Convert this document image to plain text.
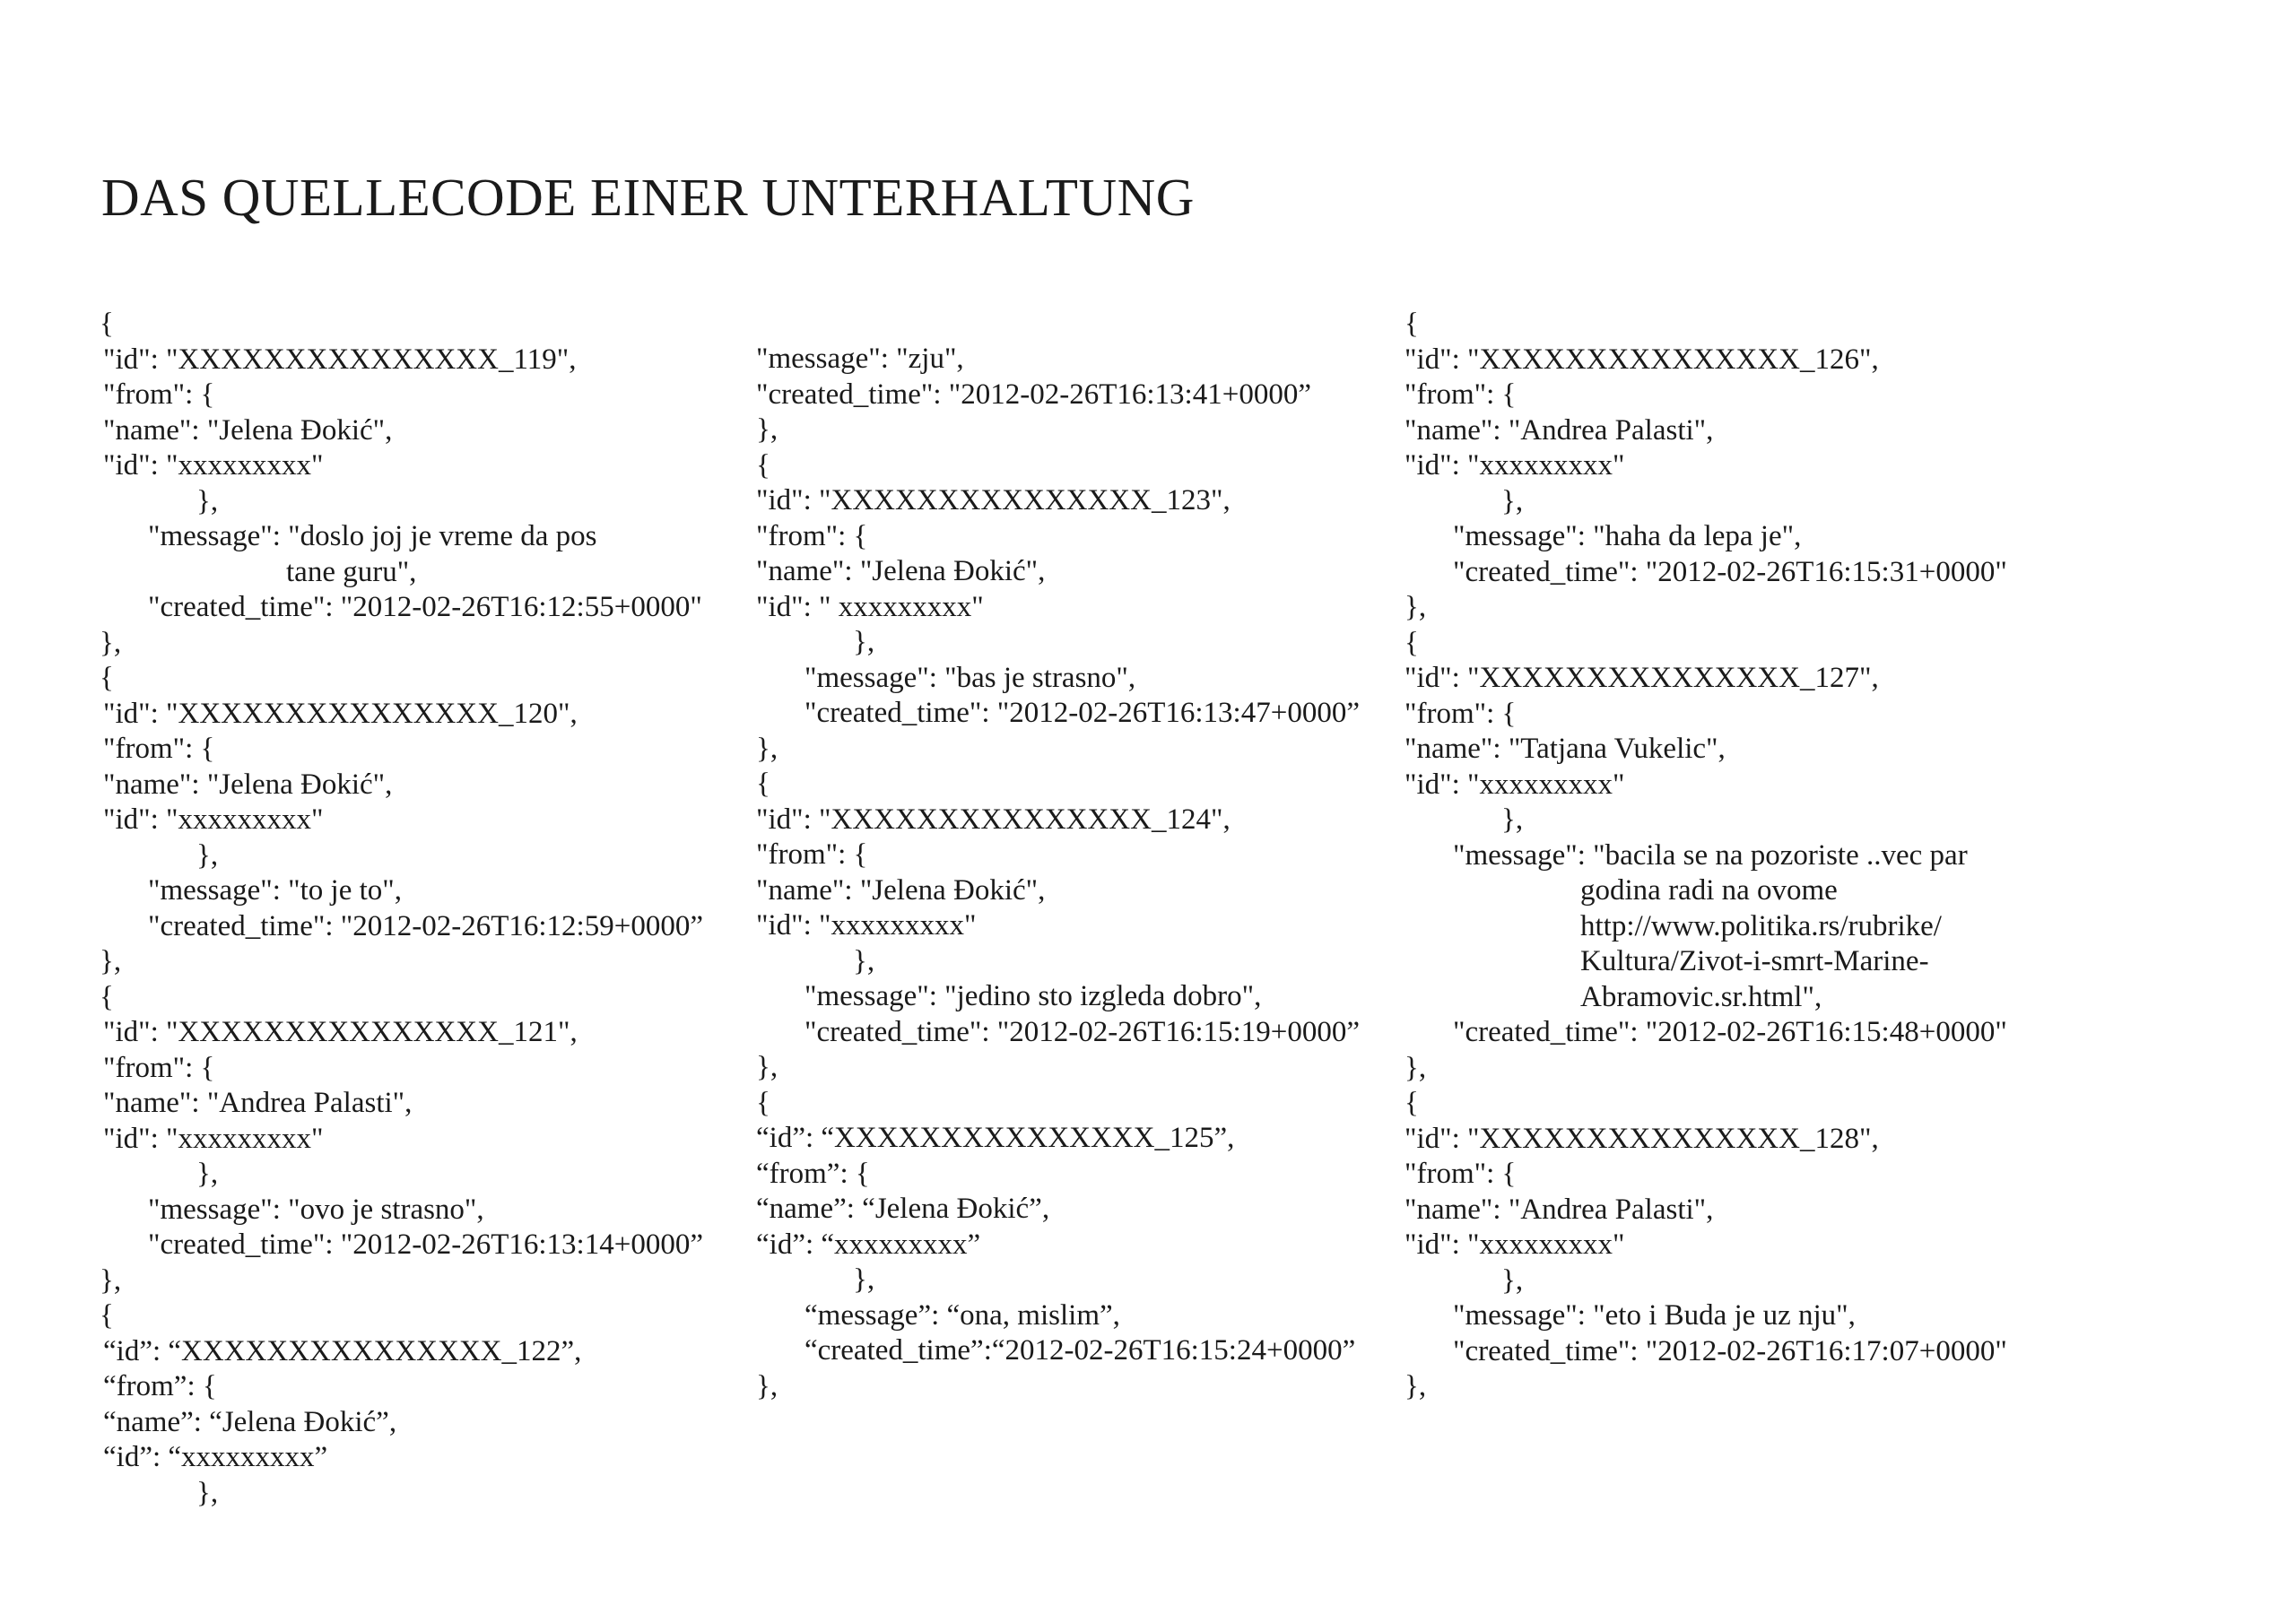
DAS QUELLECODE EINER UNTERHALTUNG
{
"id": "XXXXXXXXXXXXXXX_119",
"from": {
"name": "Jelena Đokić",
"id": "xxxxxxxxx"
},
"message": "doslo joj je vreme da pos
tane guru",
"created_time": "2012-02-26T16:12:55+0000"
},
{
"id": "XXXXXXXXXXXXXXX_120",
"from": {
"name": "Jelena Đokić",
"id": "xxxxxxxxx"
},
"message": "to je to",
"created_time": "2012-02-26T16:12:59+0000”
},
{
"id": "XXXXXXXXXXXXXXX_121",
"from": {
"name": "Andrea Palasti",
"id": "xxxxxxxxx"
},
"message": "ovo je strasno",
"created_time": "2012-02-26T16:13:14+0000”
},
{
“id”: “XXXXXXXXXXXXXXX_122”,
“from”: {
“name”: “Jelena Đokić”,
“id”: “xxxxxxxxx”
},
"message": "zju",
"created_time": "2012-02-26T16:13:41+0000”
},
{
"id": "XXXXXXXXXXXXXXX_123",
"from": {
"name": "Jelena Đokić",
"id": " xxxxxxxxx"
},
"message": "bas je strasno",
"created_time": "2012-02-26T16:13:47+0000”
},
{
"id": "XXXXXXXXXXXXXXX_124",
"from": {
"name": "Jelena Đokić",
"id": "xxxxxxxxx"
},
"message": "jedino sto izgleda dobro",
"created_time": "2012-02-26T16:15:19+0000”
},
{
“id”: “XXXXXXXXXXXXXXX_125”,
“from”: {
“name”: “Jelena Đokić”,
“id”: “xxxxxxxxx”
},
“message”: “ona, mislim”,
“created_time”:“2012-02-26T16:15:24+0000”
},
{
"id": "XXXXXXXXXXXXXXX_126",
"from": {
"name": "Andrea Palasti",
"id": "xxxxxxxxx"
},
"message": "haha da lepa je",
"created_time": "2012-02-26T16:15:31+0000"
},
{
"id": "XXXXXXXXXXXXXXX_127",
"from": {
"name": "Tatjana Vukelic",
"id": "xxxxxxxxx"
},
"message": "bacila se na pozoriste ..vec par
godina radi na ovome
http://www.politika.rs/rubrike/
Kultura/Zivot-i-smrt-Marine-
Abramovic.sr.html",
"created_time": "2012-02-26T16:15:48+0000"
},
{
"id": "XXXXXXXXXXXXXXX_128",
"from": {
"name": "Andrea Palasti",
"id": "xxxxxxxxx"
},
"message": "eto i Buda je uz nju",
"created_time": "2012-02-26T16:17:07+0000"
},
